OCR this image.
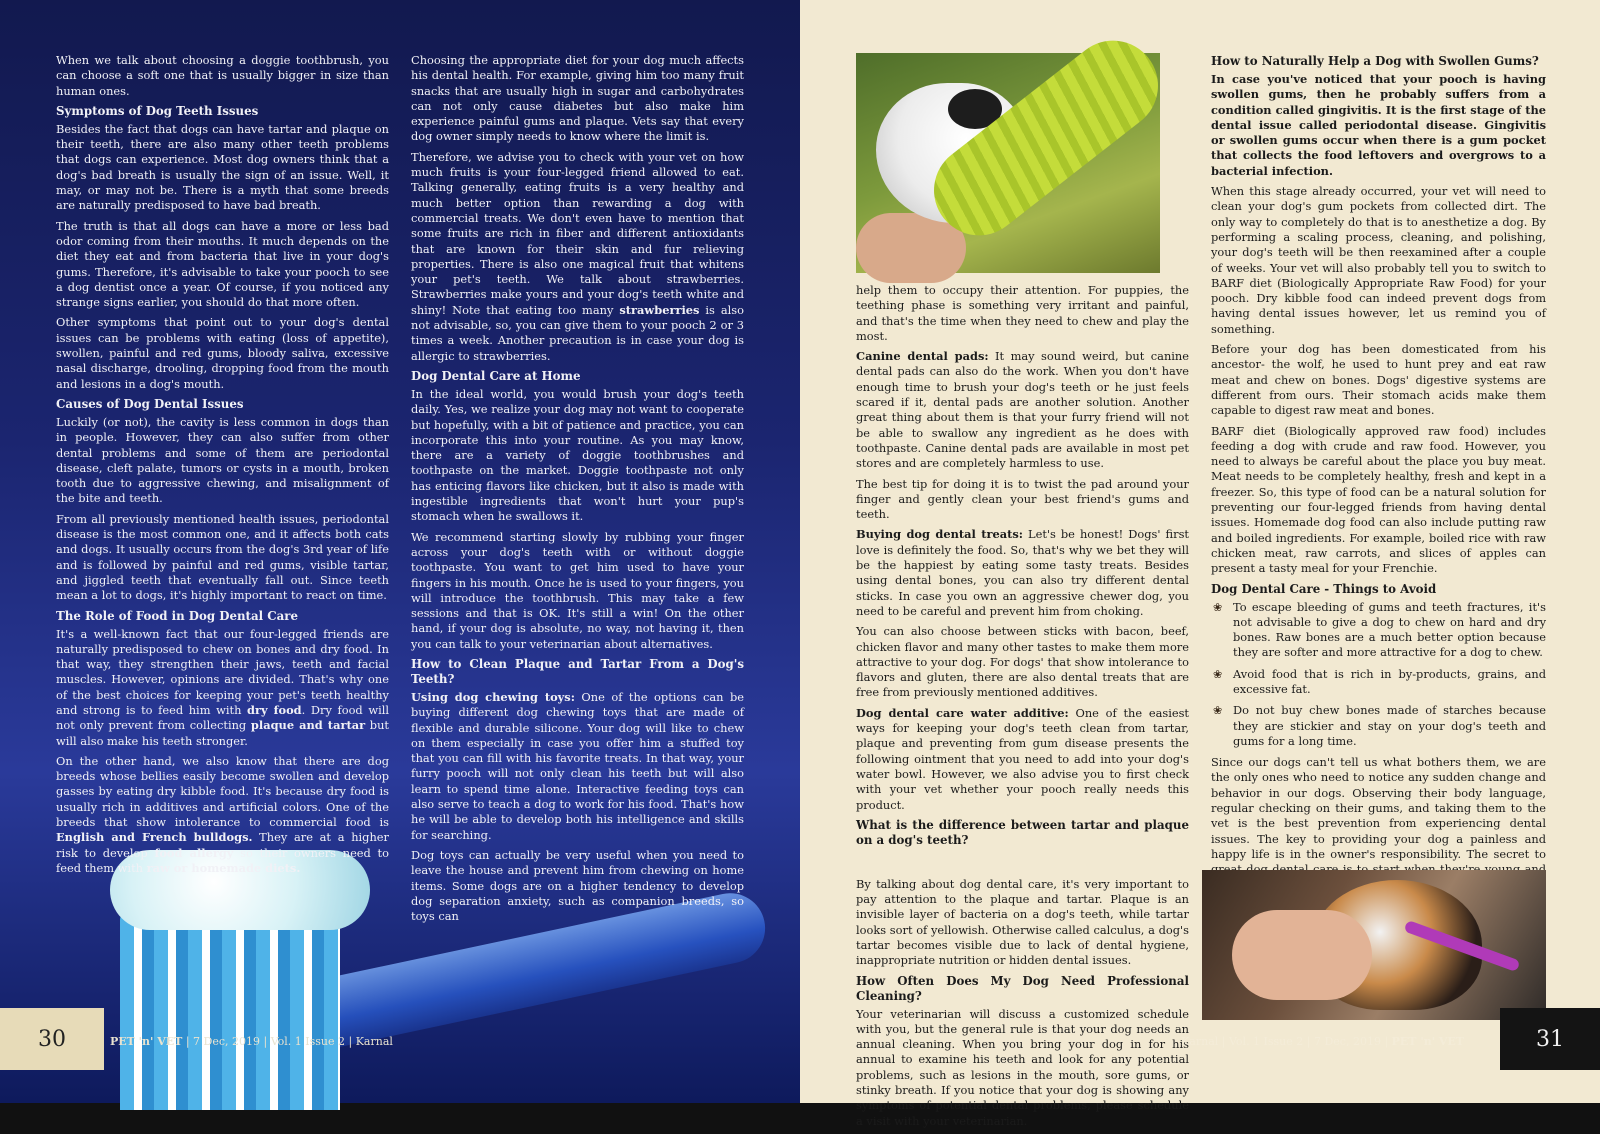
When we talk about choosing a doggie toothbrush, you can choose a soft one that is usually bigger in size than human ones.

Symptoms of Dog Teeth Issues

Besides the fact that dogs can have tartar and plaque on their teeth, there are also many other teeth problems that dogs can experience. Most dog owners think that a dog's bad breath is usually the sign of an issue. Well, it may, or may not be. There is a myth that some breeds are naturally predisposed to have bad breath.

The truth is that all dogs can have a more or less bad odor coming from their mouths. It much depends on the diet they eat and from bacteria that live in your dog's gums. Therefore, it's advisable to take your pooch to see a dog dentist once a year. Of course, if you noticed any strange signs earlier, you should do that more often.

Other symptoms that point out to your dog's dental issues can be problems with eating (loss of appetite), swollen, painful and red gums, bloody saliva, excessive nasal discharge, drooling, dropping food from the mouth and lesions in a dog's mouth.

Causes of Dog Dental Issues

Luckily (or not), the cavity is less common in dogs than in people. However, they can also suffer from other dental problems and some of them are periodontal disease, cleft palate, tumors or cysts in a mouth, broken tooth due to aggressive chewing, and misalignment of the bite and teeth.

From all previously mentioned health issues, periodontal disease is the most common one, and it affects both cats and dogs. It usually occurs from the dog's 3rd year of life and is followed by painful and red gums, visible tartar, and jiggled teeth that eventually fall out. Since teeth mean a lot to dogs, it's highly important to react on time.

The Role of Food in Dog Dental Care

It's a well-known fact that our four-legged friends are naturally predisposed to chew on bones and dry food. In that way, they strengthen their jaws, teeth and facial muscles. However, opinions are divided. That's why one of the best choices for keeping your pet's teeth healthy and strong is to feed him with dry food. Dry food will not only prevent from collecting plaque and tartar but will also make his teeth stronger.

On the other hand, we also know that there are dog breeds whose bellies easily become swollen and develop gasses by eating dry kibble food. It's because dry food is usually rich in additives and artificial colors. One of the breeds that show intolerance to commercial food is English and French bulldogs. They are at a higher risk to develop food allergy so their owners need to feed them with raw or homemade diets.

Choosing the appropriate diet for your dog much affects his dental health. For example, giving him too many fruit snacks that are usually high in sugar and carbohydrates can not only cause diabetes but also make him experience painful gums and plaque. Vets say that every dog owner simply needs to know where the limit is.

Therefore, we advise you to check with your vet on how much fruits is your four-legged friend allowed to eat. Talking generally, eating fruits is a very healthy and much better option than rewarding a dog with commercial treats. We don't even have to mention that some fruits are rich in fiber and different antioxidants that are known for their skin and fur relieving properties. There is also one magical fruit that whitens your pet's teeth. We talk about strawberries. Strawberries make yours and your dog's teeth white and shiny! Note that eating too many strawberries is also not advisable, so, you can give them to your pooch 2 or 3 times a week. Another precaution is in case your dog is allergic to strawberries.

Dog Dental Care at Home

In the ideal world, you would brush your dog's teeth daily. Yes, we realize your dog may not want to cooperate but hopefully, with a bit of patience and practice, you can incorporate this into your routine. As you may know, there are a variety of doggie toothbrushes and toothpaste on the market. Doggie toothpaste not only has enticing flavors like chicken, but it also is made with ingestible ingredients that won't hurt your pup's stomach when he swallows it.

We recommend starting slowly by rubbing your finger across your dog's teeth with or without doggie toothpaste. You want to get him used to have your fingers in his mouth. Once he is used to your fingers, you will introduce the toothbrush. This may take a few sessions and that is OK. It's still a win! On the other hand, if your dog is absolute, no way, not having it, then you can talk to your veterinarian about alternatives.

How to Clean Plaque and Tartar From a Dog's Teeth?

Using dog chewing toys: One of the options can be buying different dog chewing toys that are made of flexible and durable silicone. Your dog will like to chew on them especially in case you offer him a stuffed toy that you can fill with his favorite treats. In that way, your furry pooch will not only clean his teeth but will also learn to spend time alone. Interactive feeding toys can also serve to teach a dog to work for his food. That's how he will be able to develop both his intelligence and skills for searching.

Dog toys can actually be very useful when you need to leave the house and prevent him from chewing on home items. Some dogs are on a higher tendency to develop dog separation anxiety, such as companion breeds, so toys can

help them to occupy their attention. For puppies, the teething phase is something very irritant and painful, and that's the time when they need to chew and play the most.

Canine dental pads: It may sound weird, but canine dental pads can also do the work. When you don't have enough time to brush your dog's teeth or he just feels scared if it, dental pads are another solution. Another great thing about them is that your furry friend will not be able to swallow any ingredient as he does with toothpaste. Canine dental pads are available in most pet stores and are completely harmless to use.

The best tip for doing it is to twist the pad around your finger and gently clean your best friend's gums and teeth.

Buying dog dental treats: Let's be honest! Dogs' first love is definitely the food. So, that's why we bet they will be the happiest by eating some tasty treats. Besides using dental bones, you can also try different dental sticks. In case you own an aggressive chewer dog, you need to be careful and prevent him from choking.

You can also choose between sticks with bacon, beef, chicken flavor and many other tastes to make them more attractive to your dog. For dogs' that show intolerance to flavors and gluten, there are also dental treats that are free from previously mentioned additives.

Dog dental care water additive: One of the easiest ways for keeping your dog's teeth clean from tartar, plaque and preventing from gum disease presents the following ointment that you need to add into your dog's water bowl. However, we also advise you to first check with your vet whether your pooch really needs this product.

What is the difference between tartar and plaque on a dog's teeth?

By talking about dog dental care, it's very important to pay attention to the plaque and tartar. Plaque is an invisible layer of bacteria on a dog's teeth, while tartar looks sort of yellowish. Otherwise called calculus, a dog's tartar becomes visible due to lack of dental hygiene, inappropriate nutrition or hidden dental issues.

How Often Does My Dog Need Professional Cleaning?

Your veterinarian will discuss a customized schedule with you, but the general rule is that your dog needs an annual cleaning. When you bring your dog in for his annual to examine his teeth and look for any potential problems, such as lesions in the mouth, sore gums, or stinky breath. If you notice that your dog is showing any symptoms of potential dental problems, please schedule a visit with your veterinarian.

How to Naturally Help a Dog with Swollen Gums?

In case you've noticed that your pooch is having swollen gums, then he probably suffers from a condition called gingivitis. It is the first stage of the dental issue called periodontal disease. Gingivitis or swollen gums occur when there is a gum pocket that collects the food leftovers and overgrows to a bacterial infection.

When this stage already occurred, your vet will need to clean your dog's gum pockets from collected dirt. The only way to completely do that is to anesthetize a dog. By performing a scaling process, cleaning, and polishing, your dog's teeth will be then reexamined after a couple of weeks. Your vet will also probably tell you to switch to BARF diet (Biologically Appropriate Raw Food) for your pooch. Dry kibble food can indeed prevent dogs from having dental issues however, let us remind you of something.

Before your dog has been domesticated from his ancestor- the wolf, he used to hunt prey and eat raw meat and chew on bones. Dogs' digestive systems are different from ours. Their stomach acids make them capable to digest raw meat and bones.

BARF diet (Biologically approved raw food) includes feeding a dog with crude and raw food. However, you need to always be careful about the place you buy meat. Meat needs to be completely healthy, fresh and kept in a freezer. So, this type of food can be a natural solution for preventing our four-legged friends from having dental issues. Homemade dog food can also include putting raw and boiled ingredients. For example, boiled rice with raw chicken meat, raw carrots, and slices of apples can present a tasty meal for your Frenchie.

Dog Dental Care - Things to Avoid
❀ To escape bleeding of gums and teeth fractures, it's not advisable to give a dog to chew on hard and dry bones. Raw bones are a much better option because they are softer and more attractive for a dog to chew.
❀ Avoid food that is rich in by-products, grains, and excessive fat.
❀ Do not buy chew bones made of starches because they are stickier and stay on your dog's teeth and gums for a long time.

Since our dogs can't tell us what bothers them, we are the only ones who need to notice any sudden change and behavior in our dogs. Observing their body language, regular checking on their gums, and taking them to the vet is the best prevention from experiencing dental issues. The key to providing your dog a painless and happy life is in the owner's responsibility. The secret to

30	PET 'n' VET | 7 Dec, 2019 | Vol. 1 Issue 2 | Karnal	Karnal | Vol. 1 Issue 2 | 7 Dec, 2019 | PET 'n' VET	31
